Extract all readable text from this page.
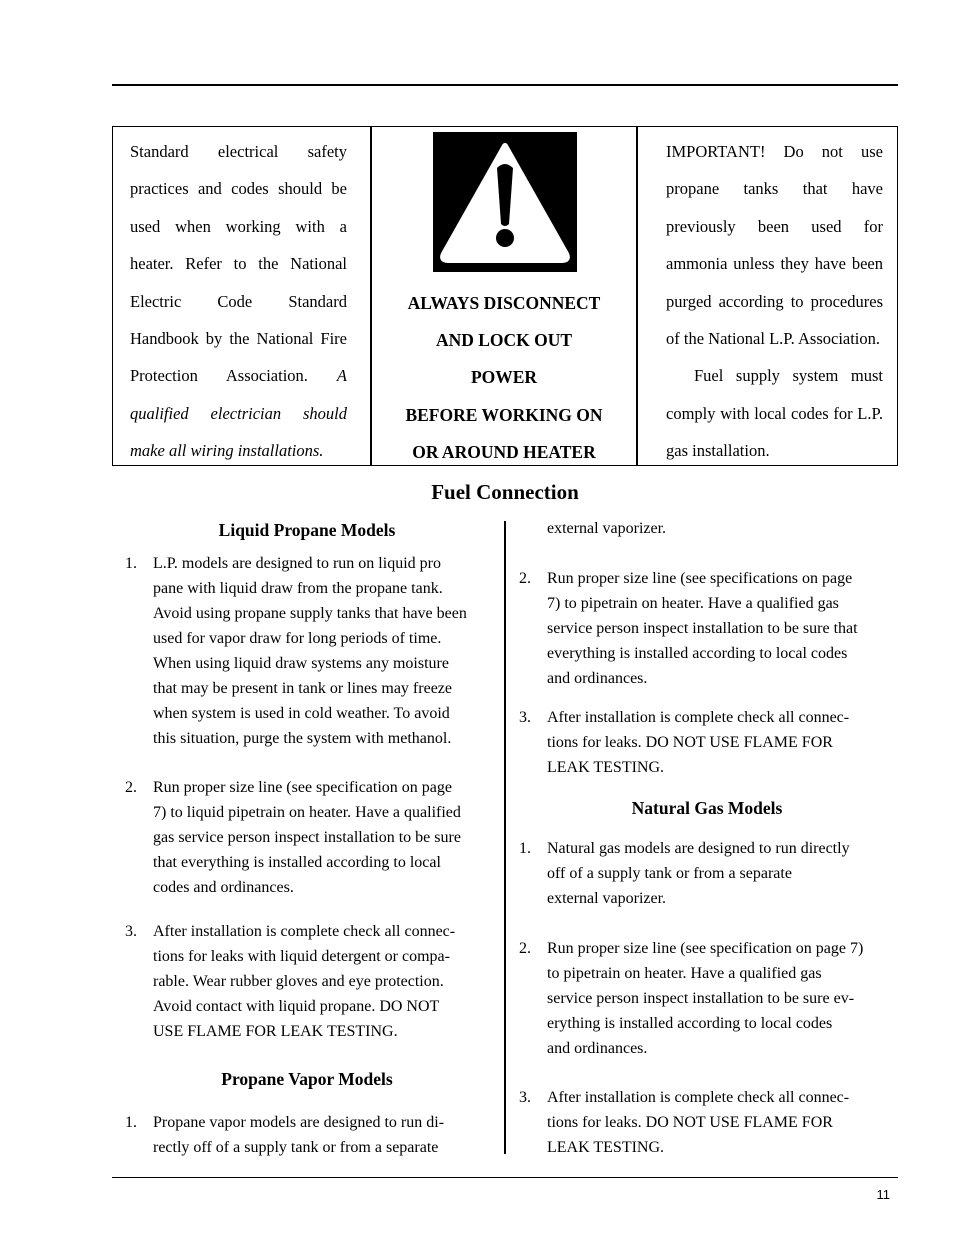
Standard electrical safety practices and codes should be used when working with a heater. Refer to the National Electric Code Standard Handbook by the National Fire Protection Association. A qualified electrician should make all wiring installations.

ALWAYS DISCONNECT
AND LOCK OUT
POWER
BEFORE WORKING ON
OR AROUND HEATER

IMPORTANT! Do not use propane tanks that have previously been used for ammonia unless they have been purged according to procedures of the National L.P. Association.

Fuel supply system must comply with local codes for L.P. gas installation.

Fuel Connection
Liquid Propane Models
1. L.P. models are designed to run on liquid pro
pane with liquid draw from the propane tank.
Avoid using propane supply tanks that have been
used for vapor draw for long periods of time.
When using liquid draw systems any moisture
that may be present in tank or lines may freeze
when system is used in cold weather. To avoid
this situation, purge the system with methanol.
2. Run proper size line (see specification on page
7) to liquid pipetrain on heater. Have a qualified
gas service person inspect installation to be sure
that everything is installed according to local
codes and ordinances.
3. After installation is complete check all connec-
tions for leaks with liquid detergent or compa-
rable. Wear rubber gloves and eye protection.
Avoid contact with liquid propane. DO NOT
USE FLAME FOR LEAK TESTING.
Propane Vapor Models
1. Propane vapor models are designed to run di-
rectly off of a supply tank or from a separate
external vaporizer.
2. Run proper size line (see specifications on page
7) to pipetrain on heater. Have a qualified gas
service person inspect installation to be sure that
everything is installed according to local codes
and ordinances.
3. After installation is complete check all connec-
tions for leaks. DO NOT USE FLAME FOR
LEAK TESTING.
Natural Gas Models
1. Natural gas models are designed to run directly
off of a supply tank or from a separate
external vaporizer.
2. Run proper size line (see specification on page 7)
to pipetrain on heater. Have a qualified gas
service person inspect installation to be sure ev-
erything is installed according to local codes
and ordinances.
3. After installation is complete check all connec-
tions for leaks. DO NOT USE FLAME FOR
LEAK TESTING.
11
